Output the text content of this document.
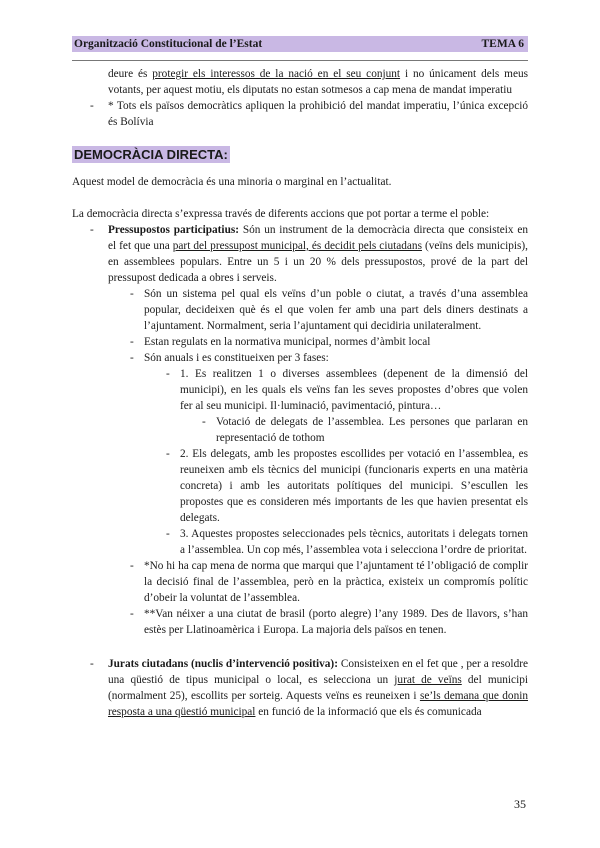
Organització Constitucional de l’Estat	TEMA 6

deure és protegir els interessos de la nació en el seu conjunt i no únicament dels meus votants, per aquest motiu, els diputats no estan sotmesos a cap mena de mandat imperatiu

- * Tots els països democràtics apliquen la prohibició del mandat imperatiu, l’única excepció és Bolívia

DEMOCRÀCIA DIRECTA:

Aquest model de democràcia és una minoria o marginal en l’actualitat.

La democràcia directa s’expressa través de diferents accions que pot portar a terme el poble:

- Pressupostos participatius: Són un instrument de la democràcia directa que consisteix en el fet que una part del pressupost municipal, és decidit pels ciutadans (veïns dels municipis), en assemblees populars. Entre un 5 i un 20 % dels pressupostos, prové de la part del pressupost dedicada a obres i serveis.

- Són un sistema pel qual els veïns d’un poble o ciutat, a través d’una assemblea popular, decideixen què és el que volen fer amb una part dels diners destinats a l’ajuntament. Normalment, seria l’ajuntament qui decidiria unilateralment.

- Estan regulats en la normativa municipal, normes d’àmbit local

- Són anuals i es constitueixen per 3 fases:

- 1. Es realitzen 1 o diverses assemblees (depenent de la dimensió del municipi), en les quals els veïns fan les seves propostes d’obres que volen fer al seu municipi. Il·luminació, pavimentació, pintura…

- Votació de delegats de l’assemblea. Les persones que parlaran en representació de tothom

- 2. Els delegats, amb les propostes escollides per votació en l’assemblea, es reuneixen amb els tècnics del municipi (funcionaris experts en una matèria concreta) i amb les autoritats polítiques del municipi. S’escullen les propostes que es consideren més importants de les que havien presentat els delegats.

- 3. Aquestes propostes seleccionades pels tècnics, autoritats i delegats tornen a l’assemblea. Un cop més, l’assemblea vota i selecciona l’ordre de prioritat.

- *No hi ha cap mena de norma que marqui que l’ajuntament té l’obligació de complir la decisió final de l’assemblea, però en la pràctica, existeix un compromís polític d’obeir la voluntat de l’assemblea.

- **Van néixer a una ciutat de brasil (porto alegre) l’any 1989. Des de llavors, s’han estès per Llatinoamèrica i Europa. La majoria dels països en tenen.

- Jurats ciutadans (nuclis d’intervenció positiva): Consisteixen en el fet que , per a resoldre una qüestió de tipus municipal o local, es selecciona un jurat de veïns del municipi (normalment 25), escollits per sorteig. Aquests veïns es reuneixen i se’ls demana que donin resposta a una qüestió municipal en funció de la informació que els és comunicada

35
